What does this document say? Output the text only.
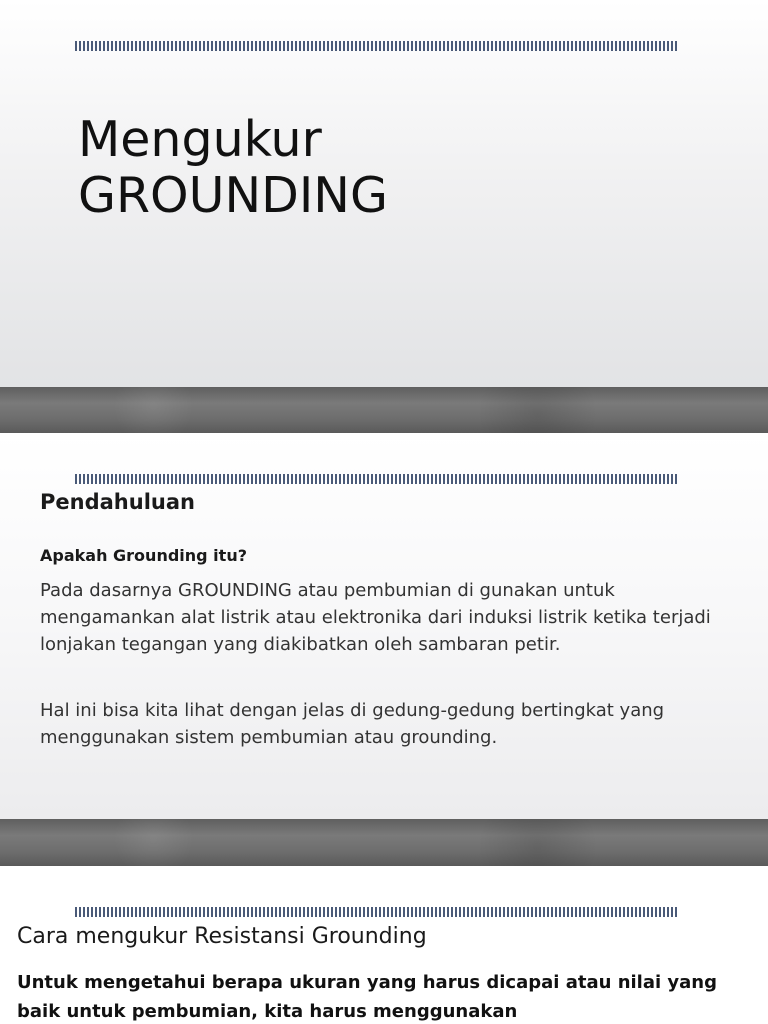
Mengukur
GROUNDING
Pendahuluan

Apakah Grounding itu?

Pada dasarnya GROUNDING atau pembumian di gunakan untuk mengamankan alat listrik atau elektronika dari induksi listrik ketika terjadi lonjakan tegangan yang diakibatkan oleh sambaran petir.

Hal ini bisa kita lihat dengan jelas di gedung-gedung bertingkat yang menggunakan sistem pembumian atau grounding.

Cara mengukur Resistansi Grounding

Untuk mengetahui berapa ukuran yang harus dicapai atau nilai yang baik untuk pembumian, kita harus menggunakan
